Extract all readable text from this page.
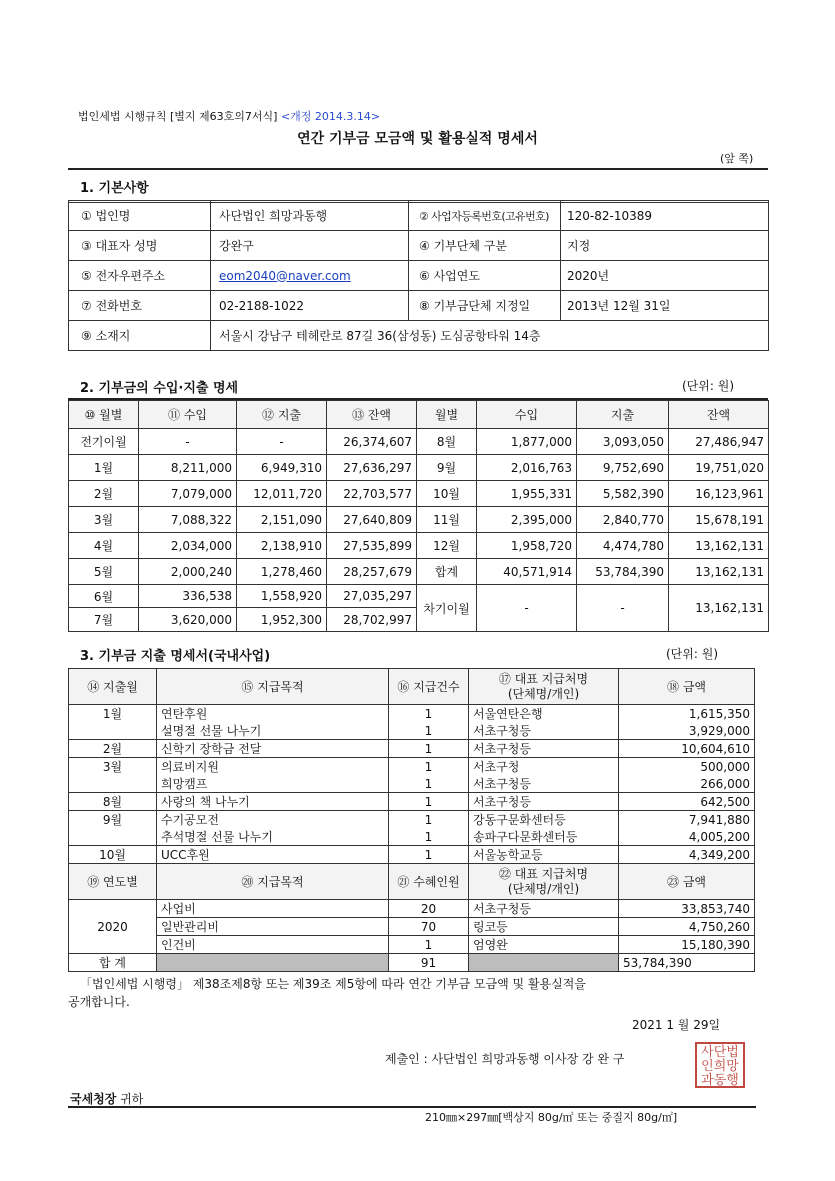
법인세법 시행규칙 [별지 제63호의7서식] <개정 2014.3.14>
연간 기부금 모금액 및 활용실적 명세서
(앞 쪽)
1. 기본사항
① 법인명	사단법인 희망과동행	② 사업자등록번호(고유번호)	120-82-10389
③ 대표자 성명	강완구	④ 기부단체 구분	지정
⑤ 전자우편주소	eom2040@naver.com	⑥ 사업연도	2020년
⑦ 전화번호	02-2188-1022	⑧ 기부금단체 지정일	2013년 12월 31일
⑨ 소재지	서울시 강남구 테헤란로 87길 36(삼성동) 도심공항타워 14층		
2. 기부금의 수입·지출 명세	(단위: 원)
⑩ 월별	⑪ 수입	⑫ 지출	⑬ 잔액	월별	수입	지출	잔액
전기이월	-	-	26,374,607	8월	1,877,000	3,093,050	27,486,947
1월	8,211,000	6,949,310	27,636,297	9월	2,016,763	9,752,690	19,751,020
2월	7,079,000	12,011,720	22,703,577	10월	1,955,331	5,582,390	16,123,961
3월	7,088,322	2,151,090	27,640,809	11월	2,395,000	2,840,770	15,678,191
4월	2,034,000	2,138,910	27,535,899	12월	1,958,720	4,474,780	13,162,131
5월	2,000,240	1,278,460	28,257,679	합계	40,571,914	53,784,390	13,162,131
6월	336,538	1,558,920	27,035,297	차기이월	-	-	13,162,131
7월	3,620,000	1,952,300	28,702,997				
3. 기부금 지출 명세서(국내사업)	(단위: 원)
⑭ 지출월	⑮ 지급목적	⑯ 지급건수	⑰ 대표 지급처명
(단체명/개인)	⑱ 금액
1월	연탄후원	1	서울연탄은행	1,615,350
	설명절 선물 나누기	1	서초구청등	3,929,000
2월	신학기 장학금 전달	1	서초구청등	10,604,610
3월	의료비지원	1	서초구청	500,000
	희망캠프	1	서초구청등	266,000
8월	사랑의 책 나누기	1	서초구청등	642,500
9월	수기공모전	1	강동구문화센터등	7,941,880
	추석명절 선물 나누기	1	송파구다문화센터등	4,005,200
10월	UCC후원	1	서울농학교등	4,349,200
⑲ 연도별	⑳ 지급목적	㉑ 수혜인원	㉒ 대표 지급처명
(단체명/개인)	㉓ 금액
2020	사업비	20	서초구청등	33,853,740
	일반관리비	70	링코등	4,750,260
	인건비	1	엄영완	15,180,390
합 계		91		53,784,390
「법인세법 시행령」 제38조제8항 또는 제39조 제5항에 따라 연간 기부금 모금액 및 활용실적을
공개합니다.
2021 1 월 29일
제출인 : 사단법인 희망과동행 이사장 강 완 구	사단법인희망과동행
국세청장 귀하
210㎜×297㎜[백상지 80g/㎡ 또는 중질지 80g/㎡]
